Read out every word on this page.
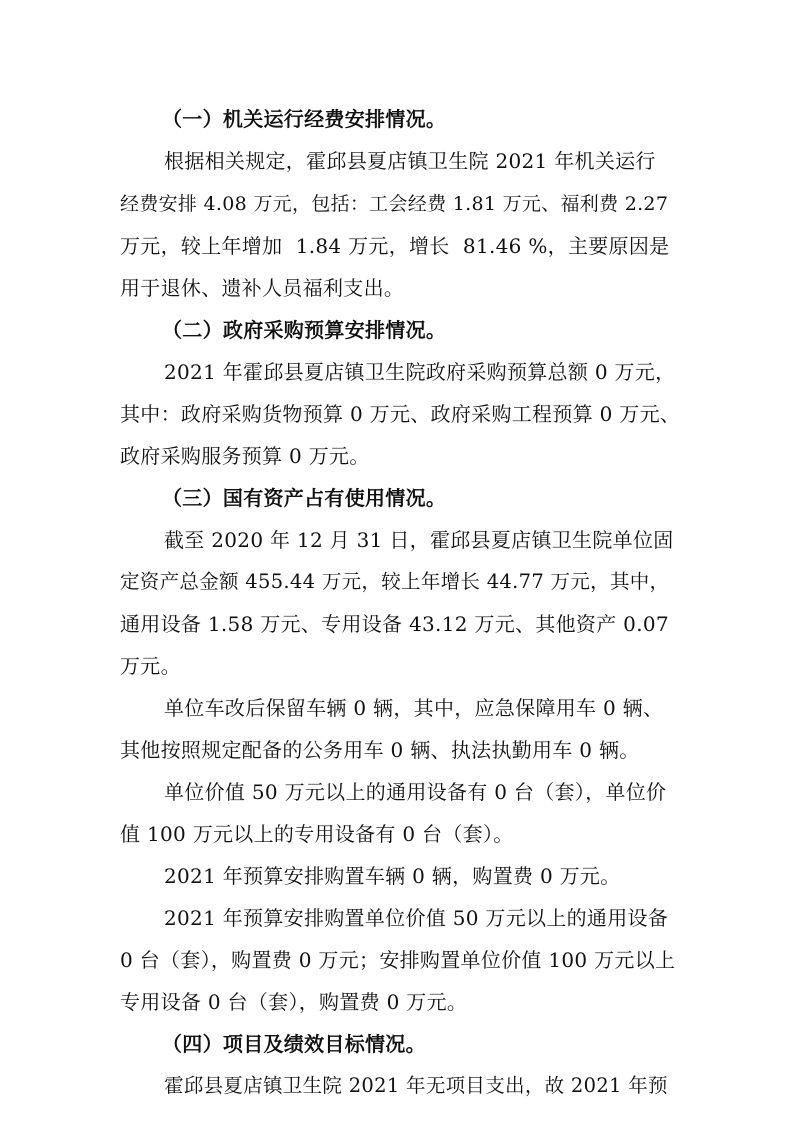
（一）机关运行经费安排情况。
根据相关规定，霍邱县夏店镇卫生院 2021 年机关运行
经费安排 4.08 万元，包括：工会经费 1.81 万元、福利费 2.27
万元，较上年增加  1.84 万元，增长  81.46 %，主要原因是
用于退休、遗补人员福利支出。
（二）政府采购预算安排情况。
2021 年霍邱县夏店镇卫生院政府采购预算总额 0 万元，
其中：政府采购货物预算 0 万元、政府采购工程预算 0 万元、
政府采购服务预算 0 万元。
（三）国有资产占有使用情况。
截至 2020 年 12 月 31 日，霍邱县夏店镇卫生院单位固
定资产总金额 455.44 万元，较上年增长 44.77 万元，其中，
通用设备 1.58 万元、专用设备 43.12 万元、其他资产 0.07
万元。
单位车改后保留车辆 0 辆，其中，应急保障用车 0 辆、
其他按照规定配备的公务用车 0 辆、执法执勤用车 0 辆。
单位价值 50 万元以上的通用设备有 0 台（套），单位价
值 100 万元以上的专用设备有 0 台（套）。
2021 年预算安排购置车辆 0 辆，购置费 0 万元。
2021 年预算安排购置单位价值 50 万元以上的通用设备
0 台（套），购置费 0 万元；安排购置单位价值 100 万元以上
专用设备 0 台（套），购置费 0 万元。
（四）项目及绩效目标情况。
霍邱县夏店镇卫生院 2021 年无项目支出，故 2021 年预
